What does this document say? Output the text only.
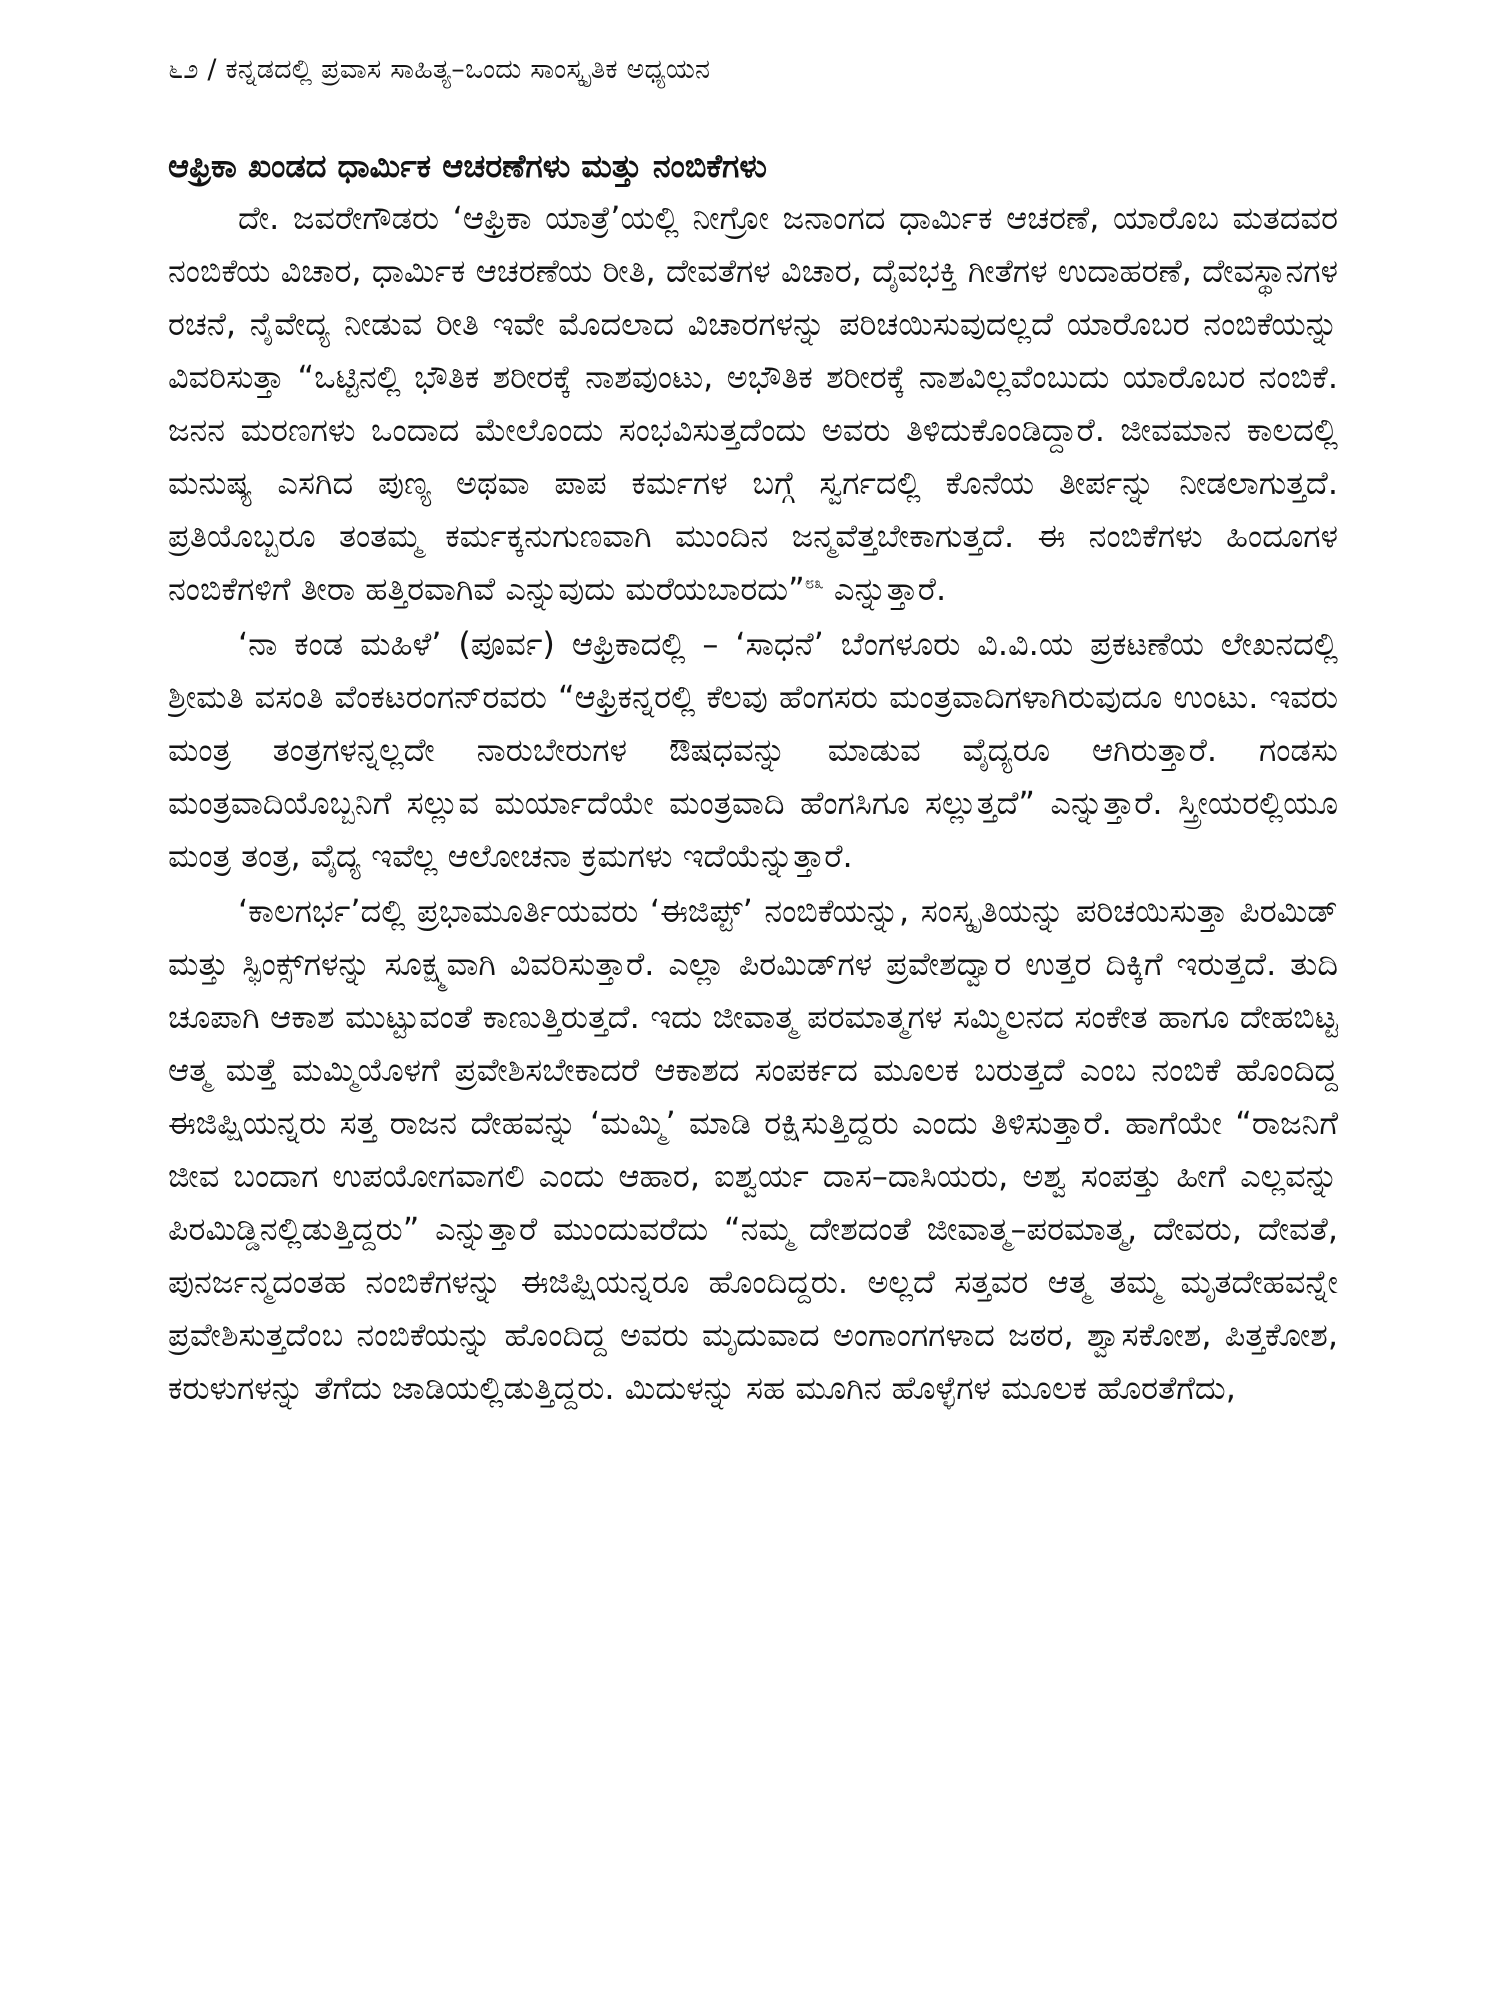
೬೨ / ಕನ್ನಡದಲ್ಲಿ ಪ್ರವಾಸ ಸಾಹಿತ್ಯ–ಒಂದು ಸಾಂಸ್ಕೃತಿಕ ಅಧ್ಯಯನ
ಆಫ್ರಿಕಾ ಖಂಡದ ಧಾರ್ಮಿಕ ಆಚರಣೆಗಳು ಮತ್ತು ನಂಬಿಕೆಗಳು

ದೇ. ಜವರೇಗೌಡರು ‘ಆಫ್ರಿಕಾ ಯಾತ್ರೆ’ಯಲ್ಲಿ ನೀಗ್ರೋ ಜನಾಂಗದ ಧಾರ್ಮಿಕ ಆಚರಣೆ, ಯಾರೊಬ ಮತದವರ ನಂಬಿಕೆಯ ವಿಚಾರ, ಧಾರ್ಮಿಕ ಆಚರಣೆಯ ರೀತಿ, ದೇವತೆಗಳ ವಿಚಾರ, ದೈವಭಕ್ತಿ ಗೀತೆಗಳ ಉದಾಹರಣೆ, ದೇವಸ್ಥಾನಗಳ ರಚನೆ, ನೈವೇದ್ಯ ನೀಡುವ ರೀತಿ ಇವೇ ಮೊದಲಾದ ವಿಚಾರಗಳನ್ನು ಪರಿಚಯಿಸುವುದಲ್ಲದೆ ಯಾರೊಬರ ನಂಬಿಕೆಯನ್ನು ವಿವರಿಸುತ್ತಾ “ಒಟ್ಟಿನಲ್ಲಿ ಭೌತಿಕ ಶರೀರಕ್ಕೆ ನಾಶವುಂಟು, ಅಭೌತಿಕ ಶರೀರಕ್ಕೆ ನಾಶವಿಲ್ಲವೆಂಬುದು ಯಾರೊಬರ ನಂಬಿಕೆ. ಜನನ ಮರಣಗಳು ಒಂದಾದ ಮೇಲೊಂದು ಸಂಭವಿಸುತ್ತದೆಂದು ಅವರು ತಿಳಿದುಕೊಂಡಿದ್ದಾರೆ. ಜೀವಮಾನ ಕಾಲದಲ್ಲಿ ಮನುಷ್ಯ ಎಸಗಿದ ಪುಣ್ಯ ಅಥವಾ ಪಾಪ ಕರ್ಮಗಳ ಬಗ್ಗೆ ಸ್ವರ್ಗದಲ್ಲಿ ಕೊನೆಯ ತೀರ್ಪನ್ನು ನೀಡಲಾಗುತ್ತದೆ. ಪ್ರತಿಯೊಬ್ಬರೂ ತಂತಮ್ಮ ಕರ್ಮಕ್ಕನುಗುಣವಾಗಿ ಮುಂದಿನ ಜನ್ಮವೆತ್ತಬೇಕಾಗುತ್ತದೆ. ಈ ನಂಬಿಕೆಗಳು ಹಿಂದೂಗಳ ನಂಬಿಕೆಗಳಿಗೆ ತೀರಾ ಹತ್ತಿರವಾಗಿವೆ ಎನ್ನುವುದು ಮರೆಯಬಾರದು”$^{೮೩}$ ಎನ್ನುತ್ತಾರೆ.

‘ನಾ ಕಂಡ ಮಹಿಳೆ’ (ಪೂರ್ವ) ಆಫ್ರಿಕಾದಲ್ಲಿ – ‘ಸಾಧನೆ’ ಬೆಂಗಳೂರು ವಿ.ವಿ.ಯ ಪ್ರಕಟಣೆಯ ಲೇಖನದಲ್ಲಿ ಶ್ರೀಮತಿ ವಸಂತಿ ವೆಂಕಟರಂಗನ್‌ರವರು “ಆಫ್ರಿಕನ್ನರಲ್ಲಿ ಕೆಲವು ಹೆಂಗಸರು ಮಂತ್ರವಾದಿಗಳಾಗಿರುವುದೂ ಉಂಟು. ಇವರು ಮಂತ್ರ ತಂತ್ರಗಳನ್ನಲ್ಲದೇ ನಾರುಬೇರುಗಳ ಔಷಧವನ್ನು ಮಾಡುವ ವೈದ್ಯರೂ ಆಗಿರುತ್ತಾರೆ. ಗಂಡಸು ಮಂತ್ರವಾದಿಯೊಬ್ಬನಿಗೆ ಸಲ್ಲುವ ಮರ್ಯಾದೆಯೇ ಮಂತ್ರವಾದಿ ಹೆಂಗಸಿಗೂ ಸಲ್ಲುತ್ತದೆ” ಎನ್ನುತ್ತಾರೆ. ಸ್ತ್ರೀಯರಲ್ಲಿಯೂ ಮಂತ್ರ ತಂತ್ರ, ವೈದ್ಯ ಇವೆಲ್ಲ ಆಲೋಚನಾ ಕ್ರಮಗಳು ಇದೆಯೆನ್ನುತ್ತಾರೆ.

‘ಕಾಲಗರ್ಭ’ದಲ್ಲಿ ಪ್ರಭಾಮೂರ್ತಿಯವರು ‘ಈಜಿಪ್ಟ್’ ನಂಬಿಕೆಯನ್ನು, ಸಂಸ್ಕೃತಿಯನ್ನು ಪರಿಚಯಿಸುತ್ತಾ ಪಿರಮಿಡ್ ಮತ್ತು ಸ್ಫಿಂಕ್ಸ್‌ಗಳನ್ನು ಸೂಕ್ಷ್ಮವಾಗಿ ವಿವರಿಸುತ್ತಾರೆ. ಎಲ್ಲಾ ಪಿರಮಿಡ್‌ಗಳ ಪ್ರವೇಶದ್ವಾರ ಉತ್ತರ ದಿಕ್ಕಿಗೆ ಇರುತ್ತದೆ. ತುದಿ ಚೂಪಾಗಿ ಆಕಾಶ ಮುಟ್ಟುವಂತೆ ಕಾಣುತ್ತಿರುತ್ತದೆ. ಇದು ಜೀವಾತ್ಮ ಪರಮಾತ್ಮಗಳ ಸಮ್ಮಿಲನದ ಸಂಕೇತ ಹಾಗೂ ದೇಹಬಿಟ್ಟ ಆತ್ಮ ಮತ್ತೆ ಮಮ್ಮಿಯೊಳಗೆ ಪ್ರವೇಶಿಸಬೇಕಾದರೆ ಆಕಾಶದ ಸಂಪರ್ಕದ ಮೂಲಕ ಬರುತ್ತದೆ ಎಂಬ ನಂಬಿಕೆ ಹೊಂದಿದ್ದ ಈಜಿಪ್ಷಿಯನ್ನರು ಸತ್ತ ರಾಜನ ದೇಹವನ್ನು ‘ಮಮ್ಮಿ’ ಮಾಡಿ ರಕ್ಷಿಸುತ್ತಿದ್ದರು ಎಂದು ತಿಳಿಸುತ್ತಾರೆ. ಹಾಗೆಯೇ “ರಾಜನಿಗೆ ಜೀವ ಬಂದಾಗ ಉಪಯೋಗವಾಗಲಿ ಎಂದು ಆಹಾರ, ಐಶ್ವರ್ಯ ದಾಸ–ದಾಸಿಯರು, ಅಶ್ವ ಸಂಪತ್ತು ಹೀಗೆ ಎಲ್ಲವನ್ನು ಪಿರಮಿಡ್ಡಿನಲ್ಲಿಡುತ್ತಿದ್ದರು” ಎನ್ನುತ್ತಾರೆ ಮುಂದುವರೆದು “ನಮ್ಮ ದೇಶದಂತೆ ಜೀವಾತ್ಮ–ಪರಮಾತ್ಮ, ದೇವರು, ದೇವತೆ, ಪುನರ್ಜನ್ಮದಂತಹ ನಂಬಿಕೆಗಳನ್ನು ಈಜಿಪ್ಷಿಯನ್ನರೂ ಹೊಂದಿದ್ದರು. ಅಲ್ಲದೆ ಸತ್ತವರ ಆತ್ಮ ತಮ್ಮ ಮೃತದೇಹವನ್ನೇ ಪ್ರವೇಶಿಸುತ್ತದೆಂಬ ನಂಬಿಕೆಯನ್ನು ಹೊಂದಿದ್ದ ಅವರು ಮೃದುವಾದ ಅಂಗಾಂಗಗಳಾದ ಜಠರ, ಶ್ವಾಸಕೋಶ, ಪಿತ್ತಕೋಶ, ಕರುಳುಗಳನ್ನು ತೆಗೆದು ಜಾಡಿಯಲ್ಲಿಡುತ್ತಿದ್ದರು. ಮಿದುಳನ್ನು ಸಹ ಮೂಗಿನ ಹೊಳ್ಳೆಗಳ ಮೂಲಕ ಹೊರತೆಗೆದು,
